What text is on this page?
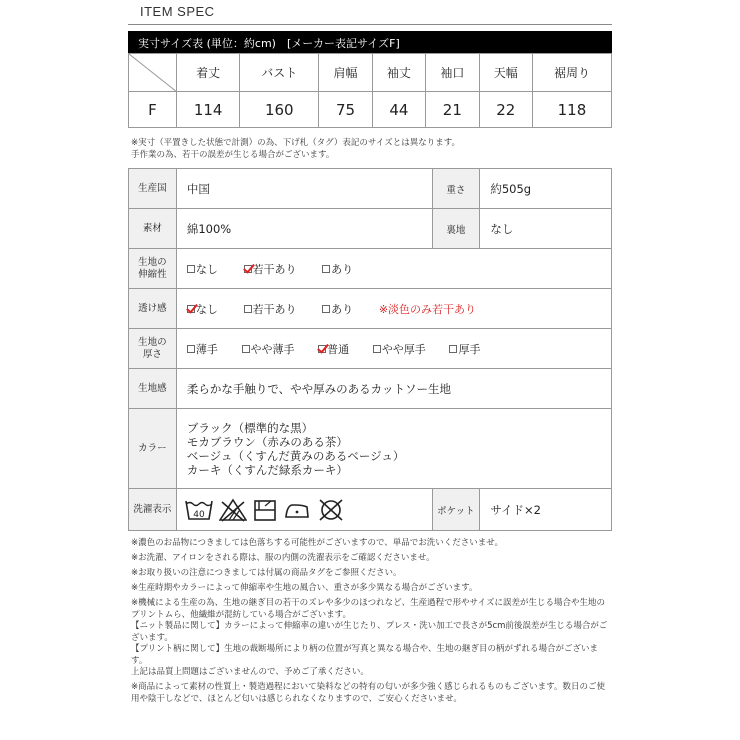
ITEM SPEC
実寸サイズ表 (単位：約cm)　[メーカー表記サイズF]
	着丈	バスト	肩幅	袖丈	袖口	天幅	裾周り
F	114	160	75	44	21	22	118
※実寸（平置きした状態で計測）の為、下げ札（タグ）表記のサイズとは異なります。
手作業の為、若干の誤差が生じる場合がございます。
生産国	中国	重さ	約505g
素材	綿100%	裏地	なし

生地の
伸縮性	なし 若干あり あり		
透け感	なし 若干あり あり ※淡色のみ若干あり		

生地の
厚さ	薄手 やや薄手 普通 やや厚手 厚手		
生地感	柔らかな手触りで、やや厚みのあるカットソー生地		
カラー	ブラック（標準的な黒）
モカブラウン（赤みのある茶）
ベージュ（くすんだ黄みのあるベージュ）
カーキ（くすんだ緑系カーキ）		

洗濯表示	40	ポケット	サイド×2

※濃色のお品物につきましては色落ちする可能性がございますので、単品でお洗いくださいませ。

※お洗濯、アイロンをされる際は、服の内側の洗濯表示をご確認くださいませ。

※お取り扱いの注意につきましては付属の商品タグをご参照ください。

※生産時期やカラーによって伸縮率や生地の風合い、重さが多少異なる場合がございます。

※機械による生産の為、生地の継ぎ目の若干のズレや多少のほつれなど、生産過程で形やサイズに誤差が生じる場合や生地のプリントムら、他繊維が混紡している場合がございます。

【ニット製品に関して】カラーによって伸縮率の違いが生じたり、プレス・洗い加工で長さが5cm前後誤差が生じる場合がございます。

【プリント柄に関して】生地の裁断場所により柄の位置が写真と異なる場合や、生地の継ぎ目の柄がずれる場合がございます。

上記は品質上問題はございませんので、予めご了承ください。

※商品によって素材の性質上・製造過程において染料などの特有の匂いが多少強く感じられるものもございます。数日のご使用や陰干しなどで、ほとんど匂いは感じられなくなりますので、ご安心くださいませ。
